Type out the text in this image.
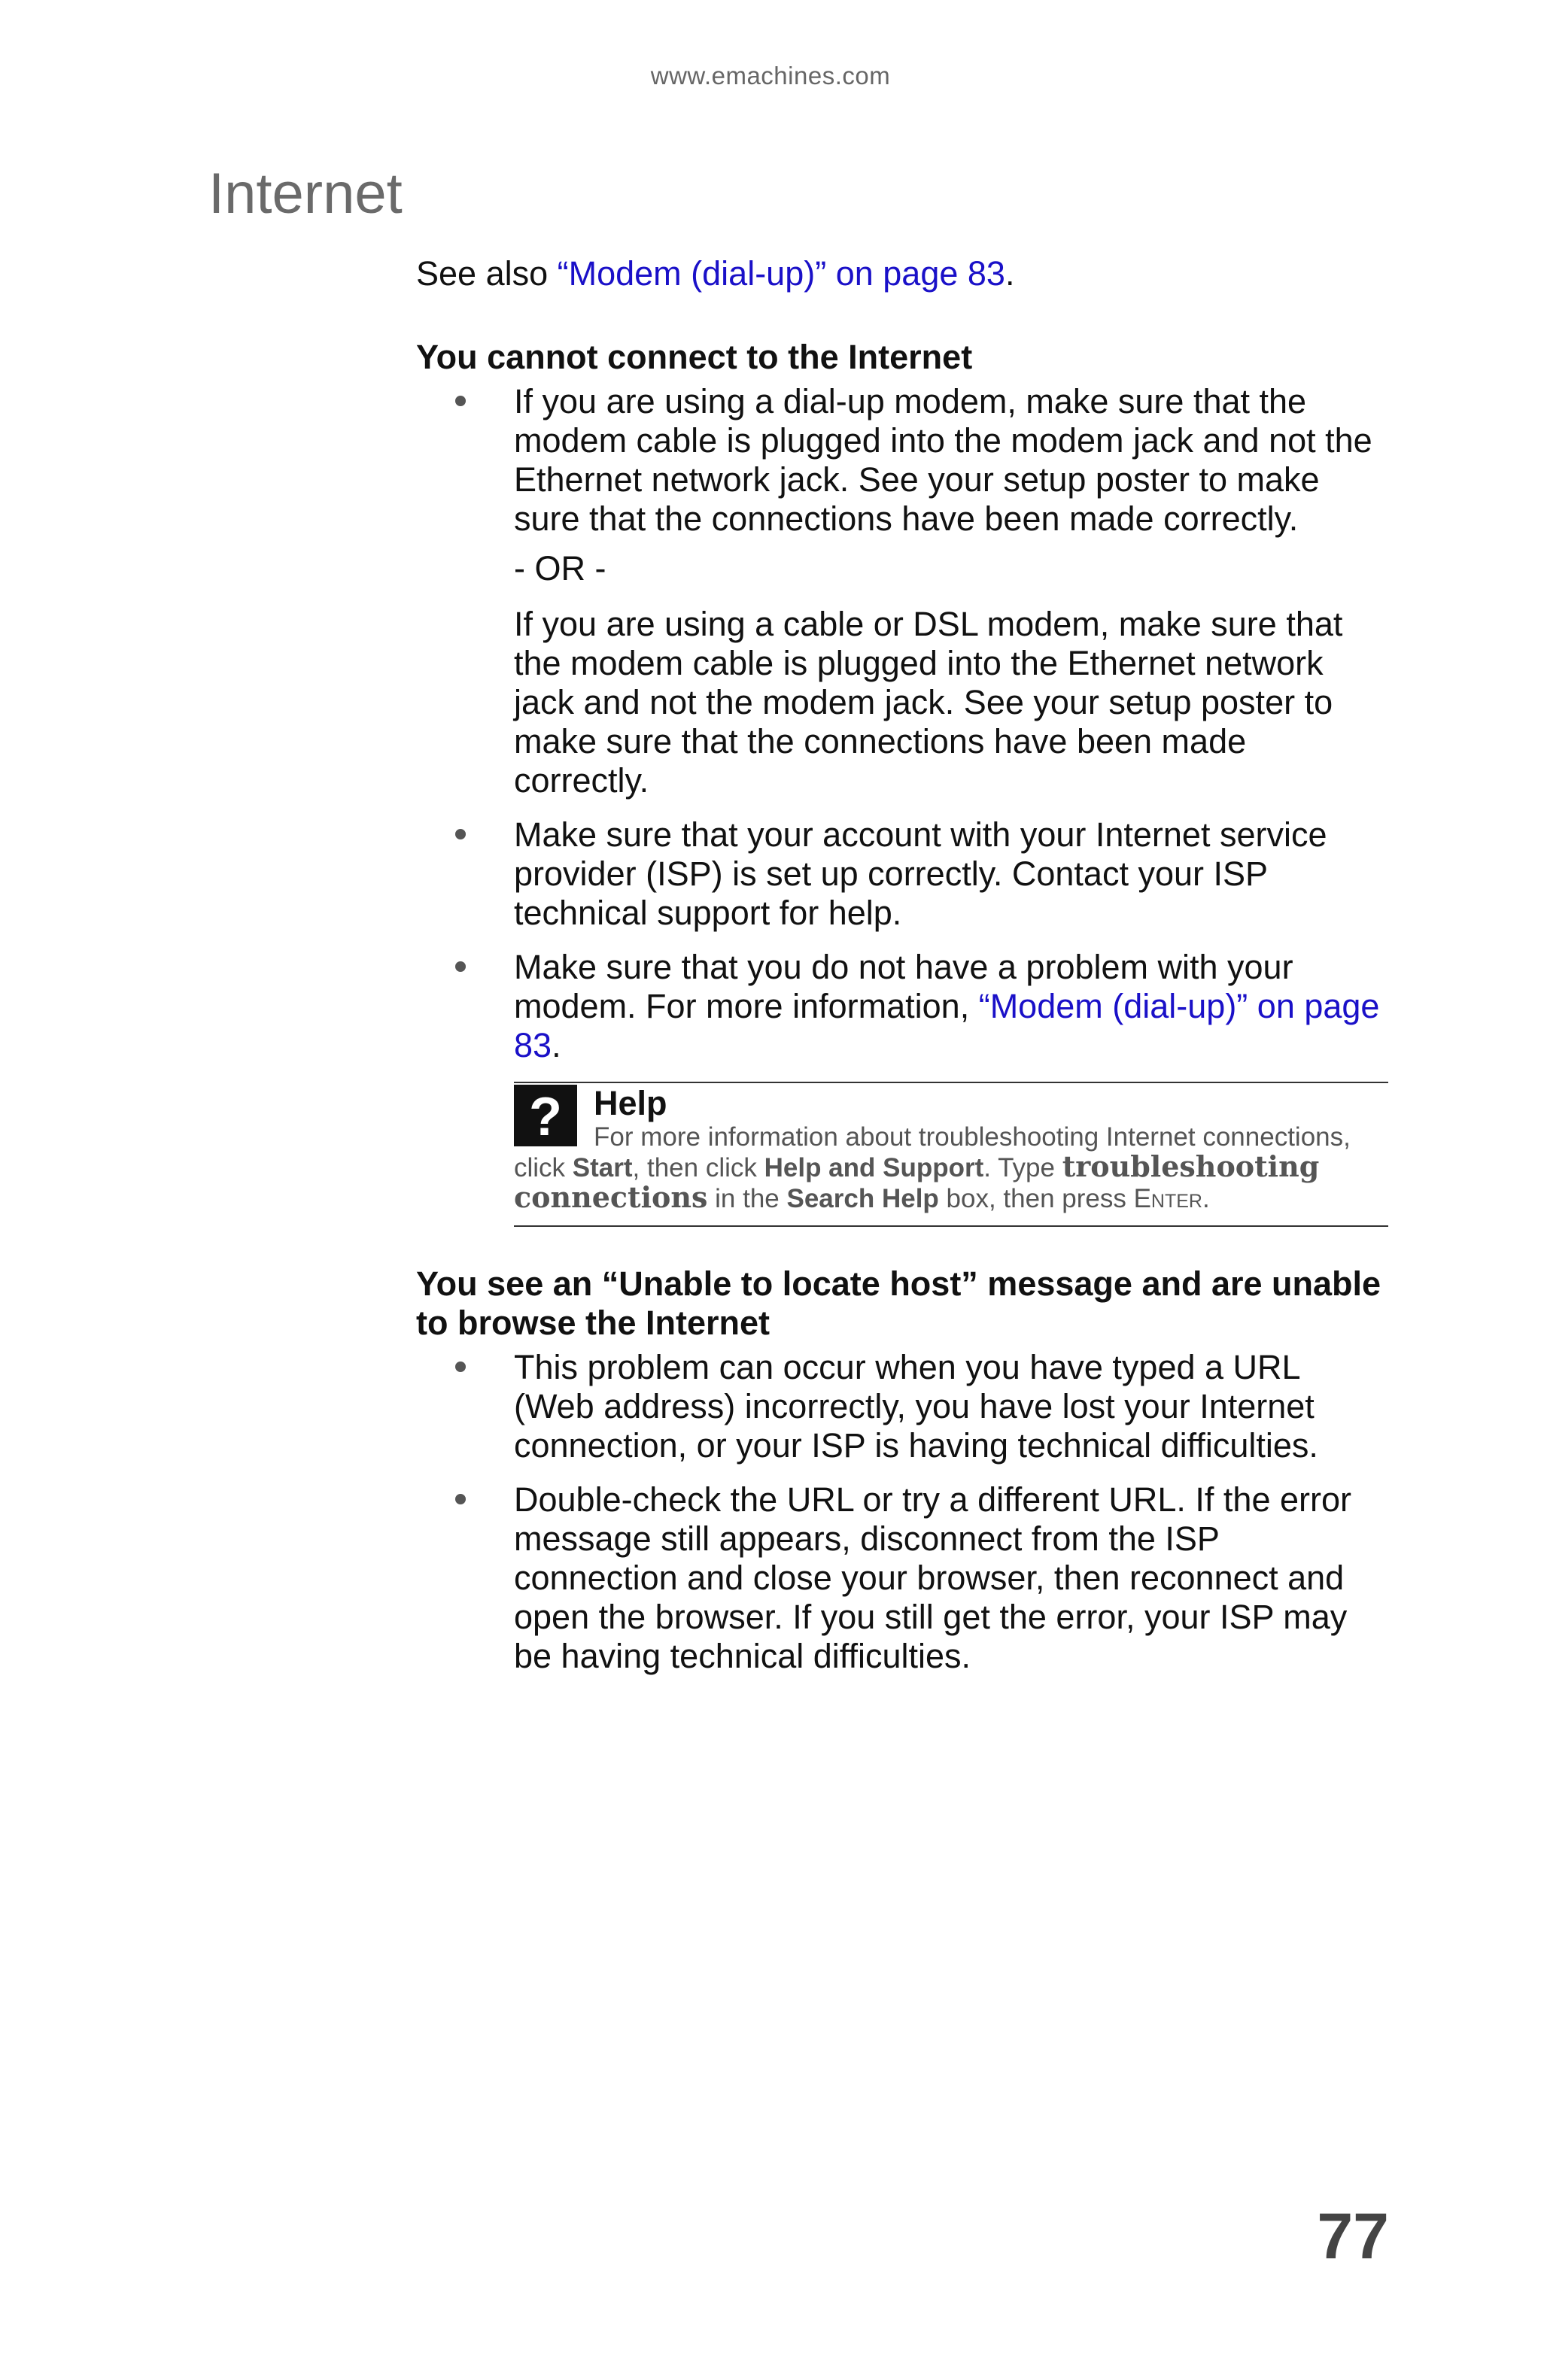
www.emachines.com
Internet

See also “Modem (dial-up)” on page 83.

You cannot connect to the Internet

If you are using a dial-up modem, make sure that the modem cable is plugged into the modem jack and not the Ethernet network jack. See your setup poster to make sure that the connections have been made correctly.

- OR -

If you are using a cable or DSL modem, make sure that the modem cable is plugged into the Ethernet network jack and not the modem jack. See your setup poster to make sure that the connections have been made correctly.

Make sure that your account with your Internet service provider (ISP) is set up correctly. Contact your ISP technical support for help.
Make sure that you do not have a problem with your modem. For more information, “Modem (dial-up)” on page 83.
? Help
For more information about troubleshooting Internet connections, click Start, then click Help and Support. Type troubleshooting connections in the Search Help box, then press Enter.
You see an “Unable to locate host” message and are unable to browse the Internet
This problem can occur when you have typed a URL (Web address) incorrectly, you have lost your Internet connection, or your ISP is having technical difficulties.
Double-check the URL or try a different URL. If the error message still appears, disconnect from the ISP connection and close your browser, then reconnect and open the browser. If you still get the error, your ISP may be having technical difficulties.
77
